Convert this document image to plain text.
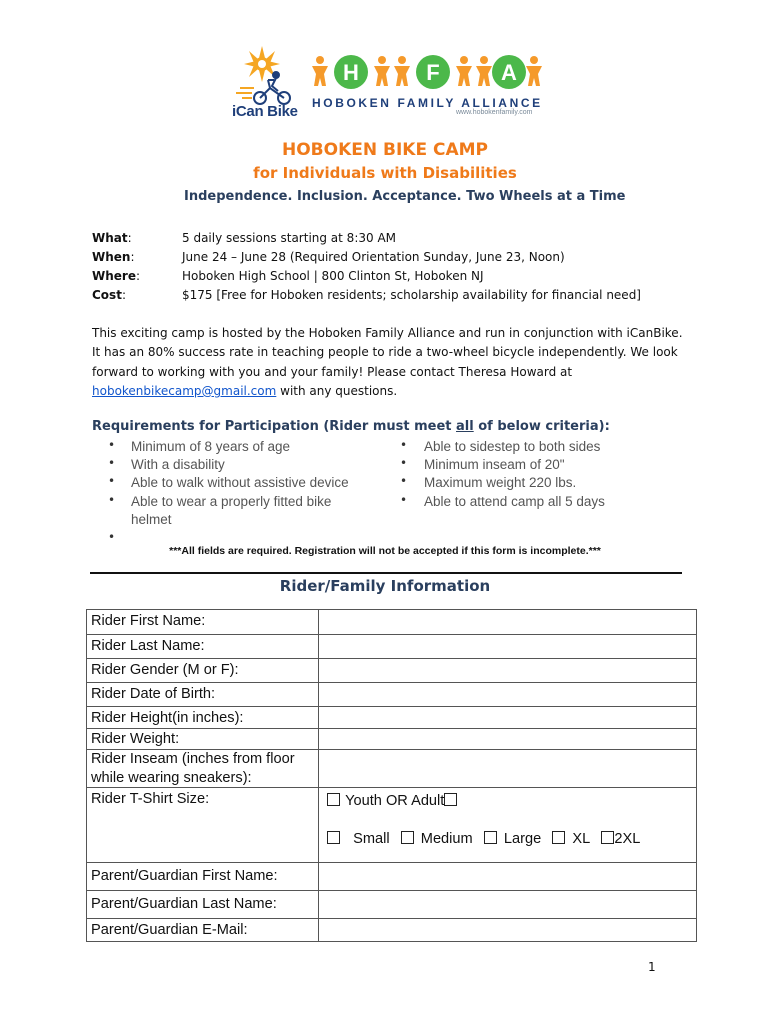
iCan Bike
H	F	A
HOBOKEN FAMILY ALLIANCE
www.hobokenfamily.com
HOBOKEN BIKE CAMP
for Individuals with Disabilities
Independence. Inclusion. Acceptance. Two Wheels at a Time
What:	5 daily sessions starting at 8:30 AM
When:	June 24 – June 28 (Required Orientation Sunday, June 23, Noon)
Where:	Hoboken High School | 800 Clinton St, Hoboken NJ
Cost:	$175 [Free for Hoboken residents; scholarship availability for financial need]
This exciting camp is hosted by the Hoboken Family Alliance and run in conjunction with iCanBike. It has an 80% success rate in teaching people to ride a two-wheel bicycle independently. We look forward to working with you and your family! Please contact Theresa Howard at hobokenbikecamp@gmail.com with any questions.
Requirements for Participation (Rider must meet all of below criteria):
• Minimum of 8 years of age
• With a disability
• Able to walk without assistive device
• Able to wear a properly fitted bike helmet
•
• Able to sidestep to both sides
• Minimum inseam of 20"
• Maximum weight 220 lbs.
• Able to attend camp all 5 days
***All fields are required. Registration will not be accepted if this form is incomplete.***
Rider/Family Information
Rider First Name:
Rider Last Name:
Rider Gender (M or F):
Rider Date of Birth:
Rider Height(in inches):
Rider Weight:
Rider Inseam (inches from floor while wearing sneakers):
Rider T-Shirt Size:	Youth OR Adult
Small Medium Large XL 2XL
Parent/Guardian First Name:
Parent/Guardian Last Name:
Parent/Guardian E-Mail:
1
